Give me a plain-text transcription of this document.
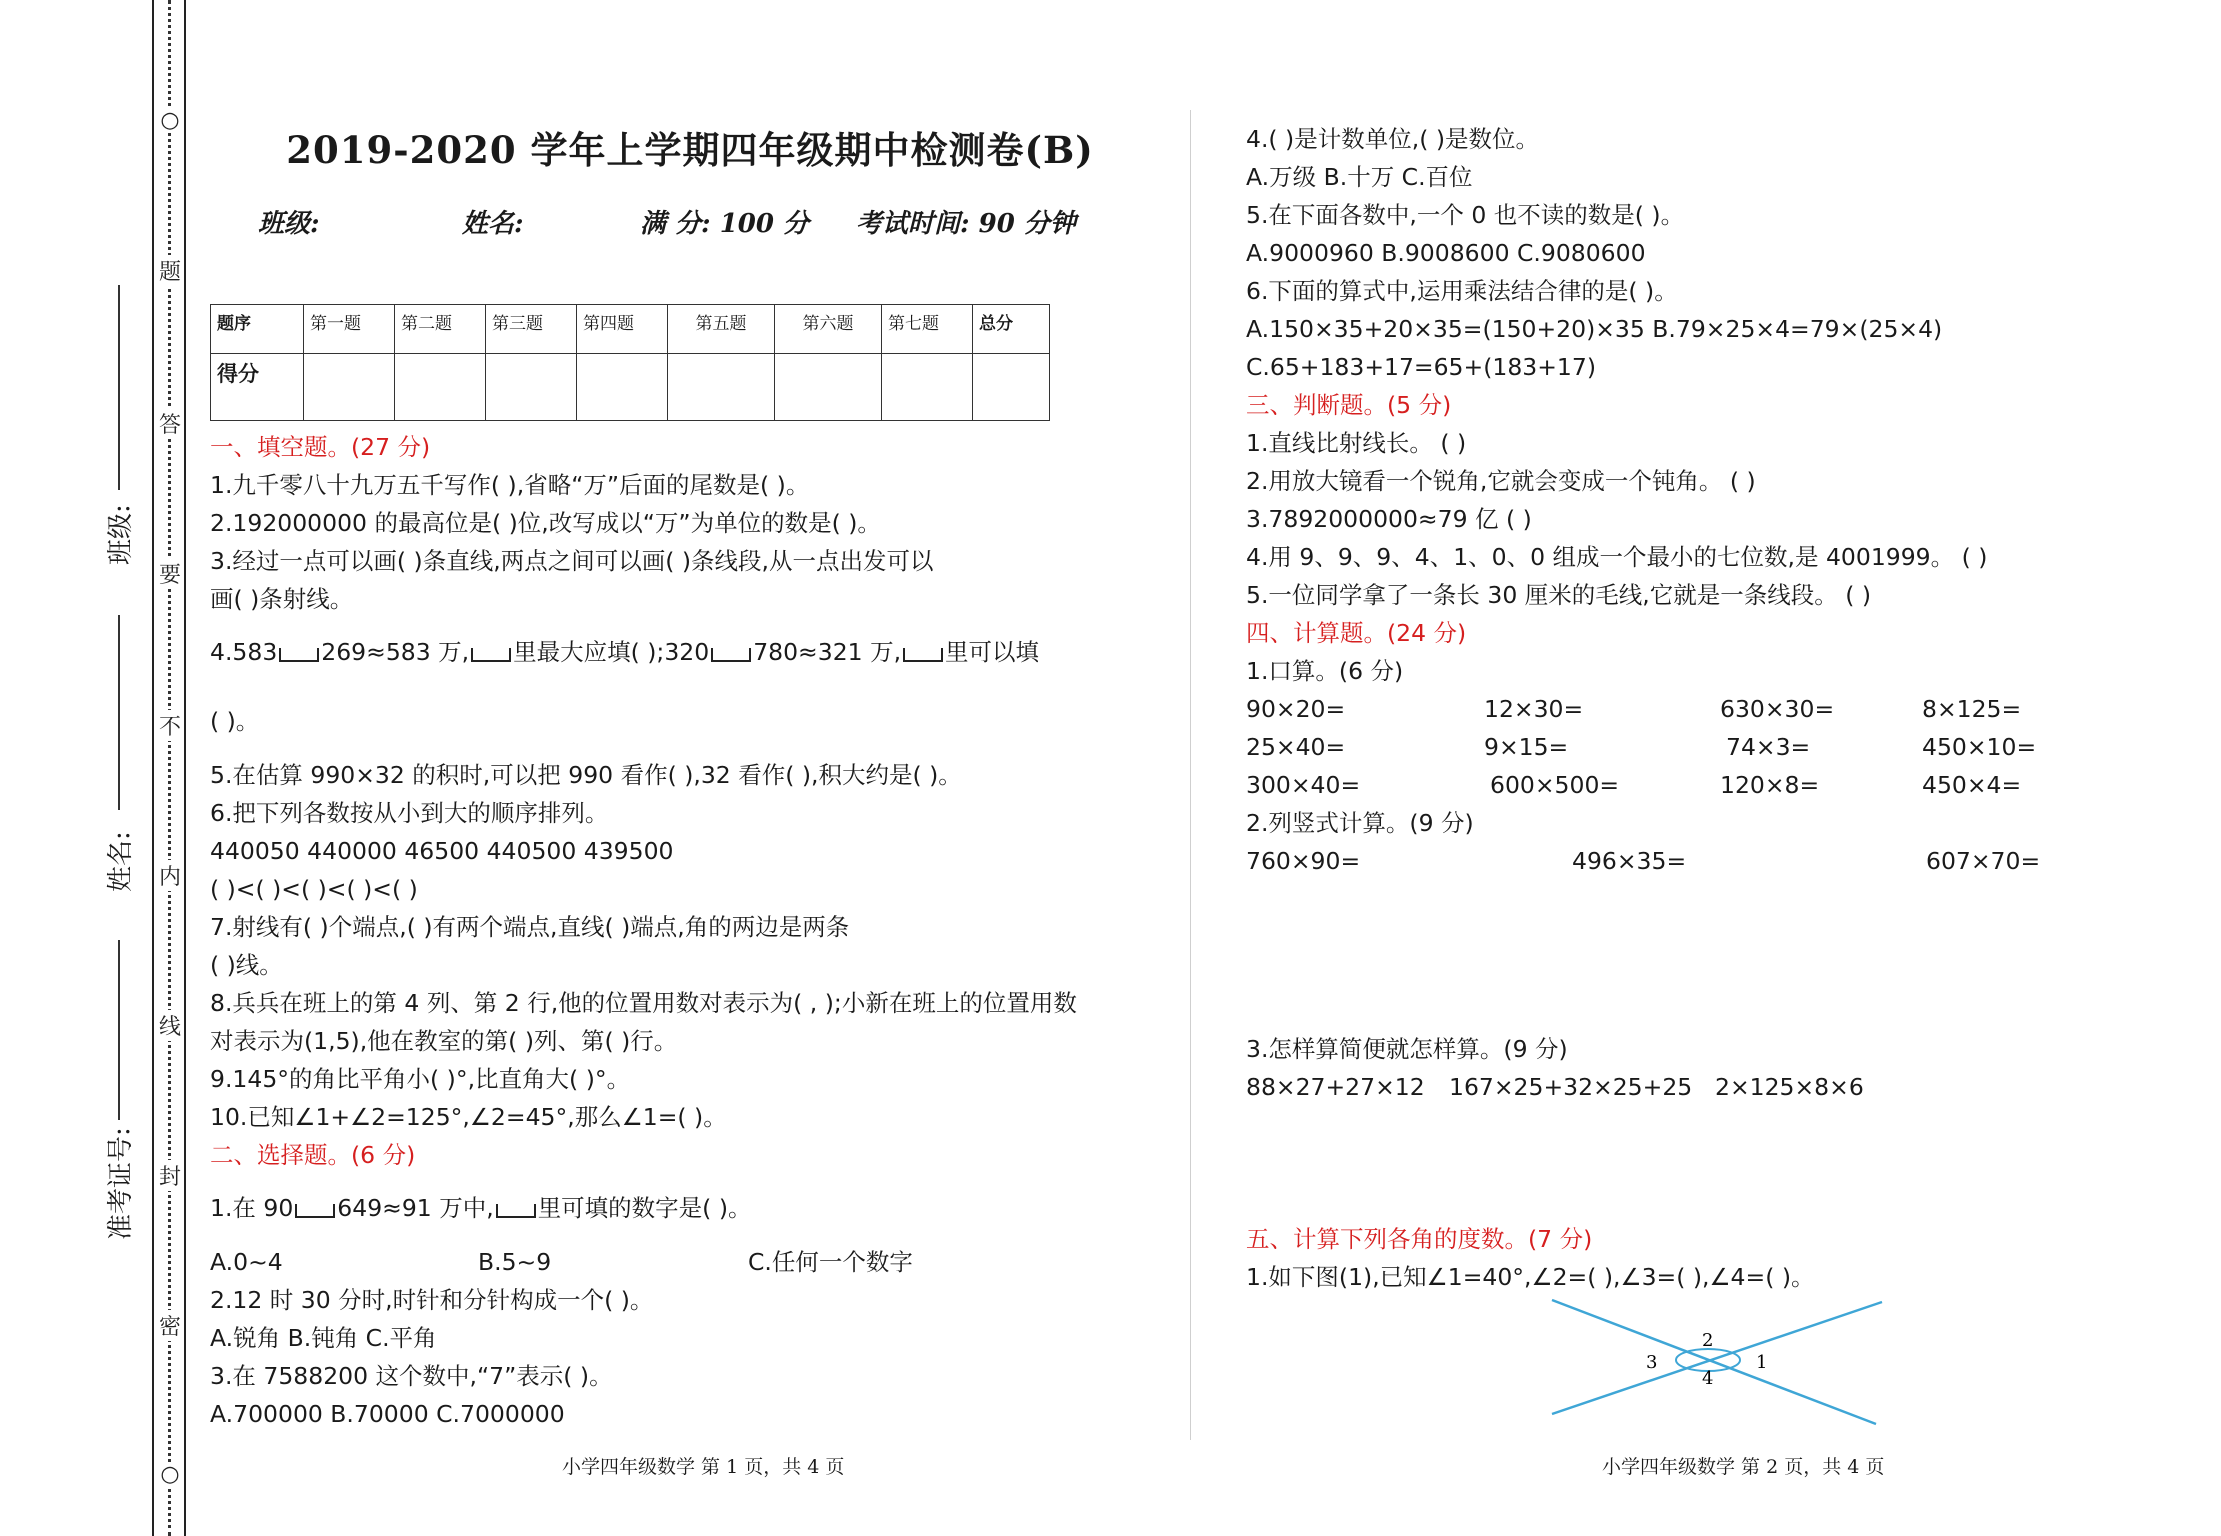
○
题
答
要
不
内
线
封
密
○
班级:
姓名:
准考证号:
2019-2020 学年上学期四年级期中检测卷(B)
班级:	姓名:	满 分: 100 分 考试时间: 90 分钟
题序	第一题	第二题	第三题	第四题	第五题	第六题	第七题	总分
得分								
一、填空题。(27 分)
1.九千零八十九万五千写作( ),省略“万”后面的尾数是( )。
2.192000000 的最高位是( )位,改写成以“万”为单位的数是( )。
3.经过一点可以画( )条直线,两点之间可以画( )条线段,从一点出发可以
画( )条射线。
4.583 269≈583 万, 里最大应填( );320 780≈321 万, 里可以填
( )。
5.在估算 990×32 的积时,可以把 990 看作( ),32 看作( ),积大约是( )。
6.把下列各数按从小到大的顺序排列。
440050 440000 46500 440500 439500
( )<( )<( )<( )<( )
7.射线有( )个端点,( )有两个端点,直线( )端点,角的两边是两条
( )线。
8.兵兵在班上的第 4 列、第 2 行,他的位置用数对表示为( , );小新在班上的位置用数
对表示为(1,5),他在教室的第( )列、第( )行。
9.145°的角比平角小( )°,比直角大( )°。
10.已知∠1+∠2=125°,∠2=45°,那么∠1=( )。
二、选择题。(6 分)
1.在 90 649≈91 万中, 里可填的数字是( )。
A.0~4	B.5~9	C.任何一个数字
2.12 时 30 分时,时针和分针构成一个( )。
A.锐角 B.钝角 C.平角
3.在 7588200 这个数中,“7”表示( )。
A.700000 B.70000 C.7000000
4.( )是计数单位,( )是数位。
A.万级 B.十万 C.百位
5.在下面各数中,一个 0 也不读的数是( )。
A.9000960 B.9008600 C.9080600
6.下面的算式中,运用乘法结合律的是( )。
A.150×35+20×35=(150+20)×35 B.79×25×4=79×(25×4)
C.65+183+17=65+(183+17)
三、判断题。(5 分)
1.直线比射线长。 ( )
2.用放大镜看一个锐角,它就会变成一个钝角。 ( )
3.7892000000≈79 亿 ( )
4.用 9、9、9、4、1、0、0 组成一个最小的七位数,是 4001999。 ( )
5.一位同学拿了一条长 30 厘米的毛线,它就是一条线段。 ( )
四、计算题。(24 分)
1.口算。(6 分)
90×20=	12×30=	630×30=	8×125=
25×40=	9×15=	74×3=	450×10=
300×40=	600×500=	120×8=	450×4=
2.列竖式计算。(9 分)
760×90=	496×35=	607×70=
3.怎样算简便就怎样算。(9 分)
88×27+27×12 167×25+32×25+25 2×125×8×6
五、计算下列各角的度数。(7 分)
1.如下图(1),已知∠1=40°,∠2=( ),∠3=( ),∠4=( )。
1
2
3
4
小学四年级数学 第 1 页，共 4 页	小学四年级数学 第 2 页，共 4 页
